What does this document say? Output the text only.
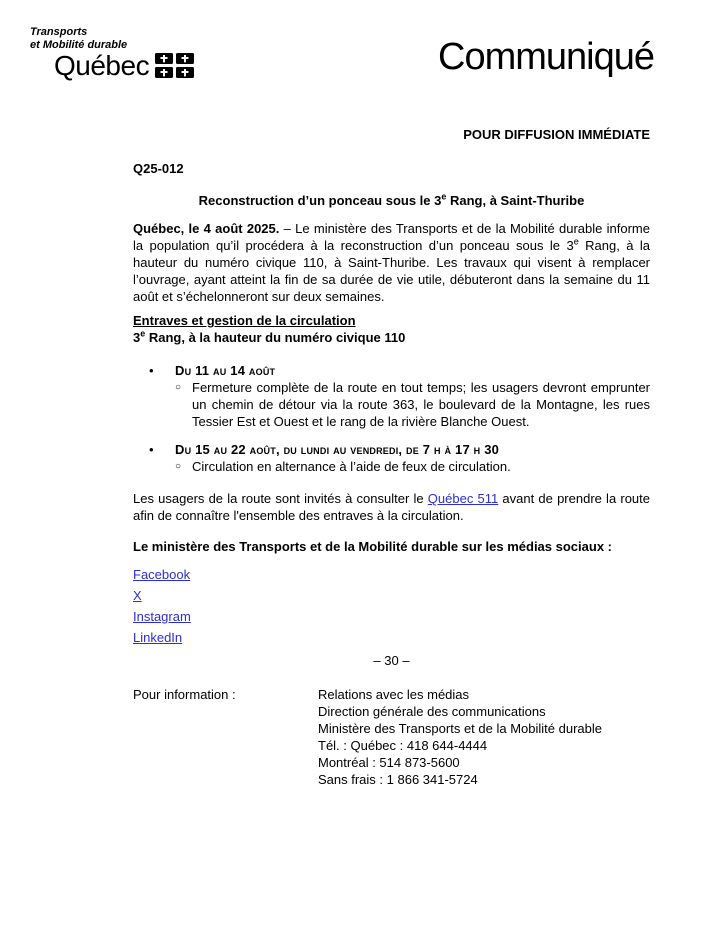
Transports
et Mobilité durable
Québec	Communiqué

POUR DIFFUSION IMMÉDIATE

Q25-012

Reconstruction d’un ponceau sous le 3e Rang, à Saint-Thuribe

Québec, le 4 août 2025. – Le ministère des Transports et de la Mobilité durable informe la population qu’il procédera à la reconstruction d’un ponceau sous le 3e Rang, à la hauteur du numéro civique 110, à Saint-Thuribe. Les travaux qui visent à remplacer l’ouvrage, ayant atteint la fin de sa durée de vie utile, débuteront dans la semaine du 11 août et s’échelonneront sur deux semaines.

Entraves et gestion de la circulation

3e Rang, à la hauteur du numéro civique 110

•	Du 11 au 14 août
○ Fermeture complète de la route en tout temps; les usagers devront emprunter un chemin de détour via la route 363, le boulevard de la Montagne, les rues Tessier Est et Ouest et le rang de la rivière Blanche Ouest.
•	Du 15 au 22 août, du lundi au vendredi, de 7 h à 17 h 30
○ Circulation en alternance à l’aide de feux de circulation.

Les usagers de la route sont invités à consulter le Québec 511 avant de prendre la route afin de connaître l'ensemble des entraves à la circulation.

Le ministère des Transports et de la Mobilité durable sur les médias sociaux :

Facebook

X

Instagram

LinkedIn

– 30 –

Pour information :	Relations avec les médias
Direction générale des communications
Ministère des Transports et de la Mobilité durable
Tél. : Québec : 418 644-4444
Montréal : 514 873-5600
Sans frais : 1 866 341-5724
